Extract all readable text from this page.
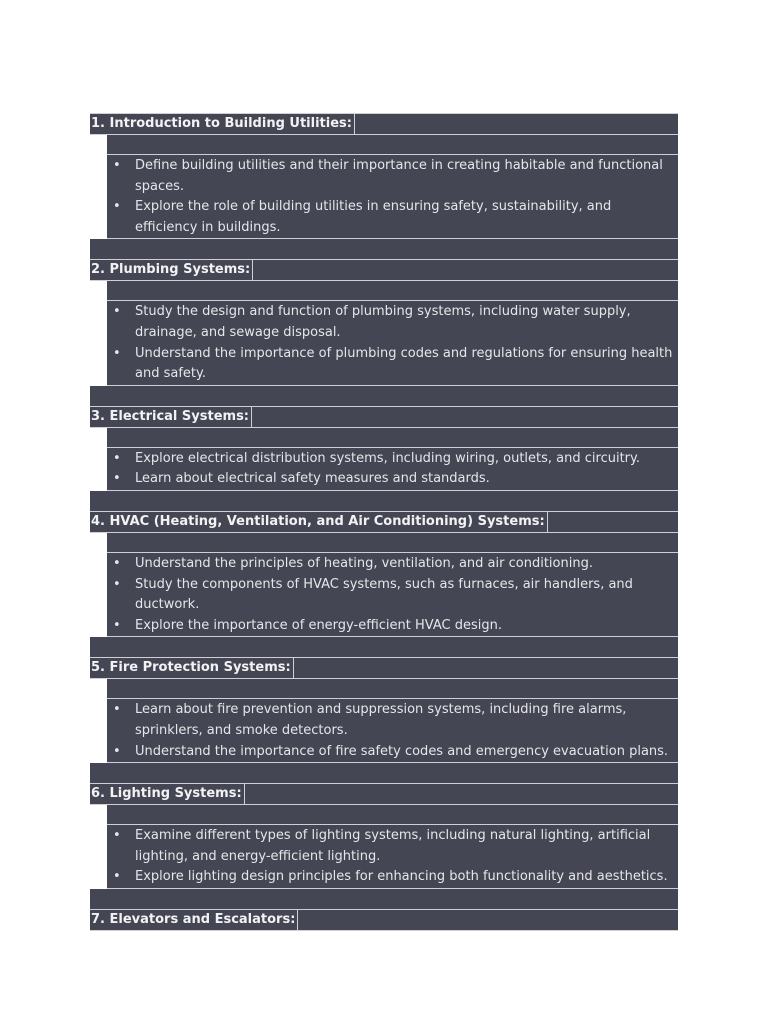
1. Introduction to Building Utilities:
• Define building utilities and their importance in creating habitable and functional spaces.
• Explore the role of building utilities in ensuring safety, sustainability, and efficiency in buildings.
2. Plumbing Systems:
• Study the design and function of plumbing systems, including water supply, drainage, and sewage disposal.
• Understand the importance of plumbing codes and regulations for ensuring health and safety.
3. Electrical Systems:
• Explore electrical distribution systems, including wiring, outlets, and circuitry.
• Learn about electrical safety measures and standards.
4. HVAC (Heating, Ventilation, and Air Conditioning) Systems:
• Understand the principles of heating, ventilation, and air conditioning.
• Study the components of HVAC systems, such as furnaces, air handlers, and ductwork.
• Explore the importance of energy-efficient HVAC design.
5. Fire Protection Systems:
• Learn about fire prevention and suppression systems, including fire alarms, sprinklers, and smoke detectors.
• Understand the importance of fire safety codes and emergency evacuation plans.
6. Lighting Systems:
• Examine different types of lighting systems, including natural lighting, artificial lighting, and energy-efficient lighting.
• Explore lighting design principles for enhancing both functionality and aesthetics.
7. Elevators and Escalators:
